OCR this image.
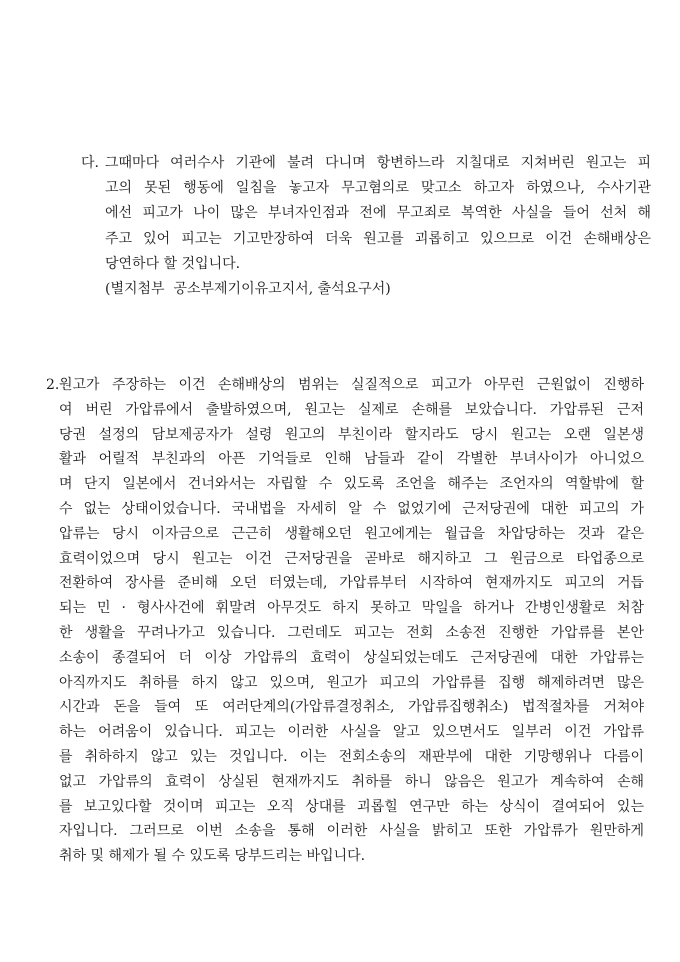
다. 그때마다 여러수사 기관에 불려 다니며 항변하느라 지칠대로 지쳐버린 원고는 피
고의 못된 행동에 일침을 놓고자 무고혐의로 맞고소 하고자 하였으나, 수사기관
에선 피고가 나이 많은 부녀자인점과 전에 무고죄로 복역한 사실을 들어 선처 해
주고 있어 피고는 기고만장하여 더욱 원고를 괴롭히고 있으므로 이건 손해배상은
당연하다 할 것입니다.
(별지첨부  공소부제기이유고지서, 출석요구서)
2. 원고가 주장하는 이건 손해배상의 범위는 실질적으로 피고가 아무런 근원없이 진행하
여 버린 가압류에서 출발하였으며, 원고는 실제로 손해를 보았습니다. 가압류된 근저
당권 설정의 담보제공자가 설령 원고의 부친이라 할지라도 당시 원고는 오랜 일본생
활과 어릴적 부친과의 아픈 기억들로 인해 남들과 같이 각별한 부녀사이가 아니었으
며 단지 일본에서 건너와서는 자립할 수 있도록 조언을 해주는 조언자의 역할밖에 할
수 없는 상태이었습니다. 국내법을 자세히 알 수 없었기에 근저당권에 대한 피고의 가
압류는 당시 이자금으로 근근히 생활해오던 원고에게는 월급을 차압당하는 것과 같은
효력이었으며 당시 원고는 이건 근저당권을 곧바로 해지하고 그 원금으로 타업종으로
전환하여 장사를 준비해 오던 터였는데, 가압류부터 시작하여 현재까지도 피고의 거듭
되는 민 · 형사사건에 휘말려 아무것도 하지 못하고 막일을 하거나 간병인생활로 처참
한 생활을 꾸려나가고 있습니다. 그런데도 피고는 전회 소송전 진행한 가압류를 본안
소송이 종결되어 더 이상 가압류의 효력이 상실되었는데도 근저당권에 대한 가압류는
아직까지도 취하를 하지 않고 있으며, 원고가 피고의 가압류를 집행 해제하려면 많은
시간과 돈을 들여 또 여러단계의(가압류결정취소, 가압류집행취소) 법적절차를 거쳐야
하는 어려움이 있습니다. 피고는 이러한 사실을 알고 있으면서도 일부러 이건 가압류
를 취하하지 않고 있는 것입니다. 이는 전회소송의 재판부에 대한 기망행위나 다름이
없고 가압류의 효력이 상실된 현재까지도 취하를 하니 않음은 원고가 계속하여 손해
를 보고있다할 것이며 피고는 오직 상대를 괴롭힐 연구만 하는 상식이 결여되어 있는
자입니다. 그러므로 이번 소송을 통해 이러한 사실을 밝히고 또한 가압류가 원만하게
취하 및 해제가 될 수 있도록 당부드리는 바입니다.
